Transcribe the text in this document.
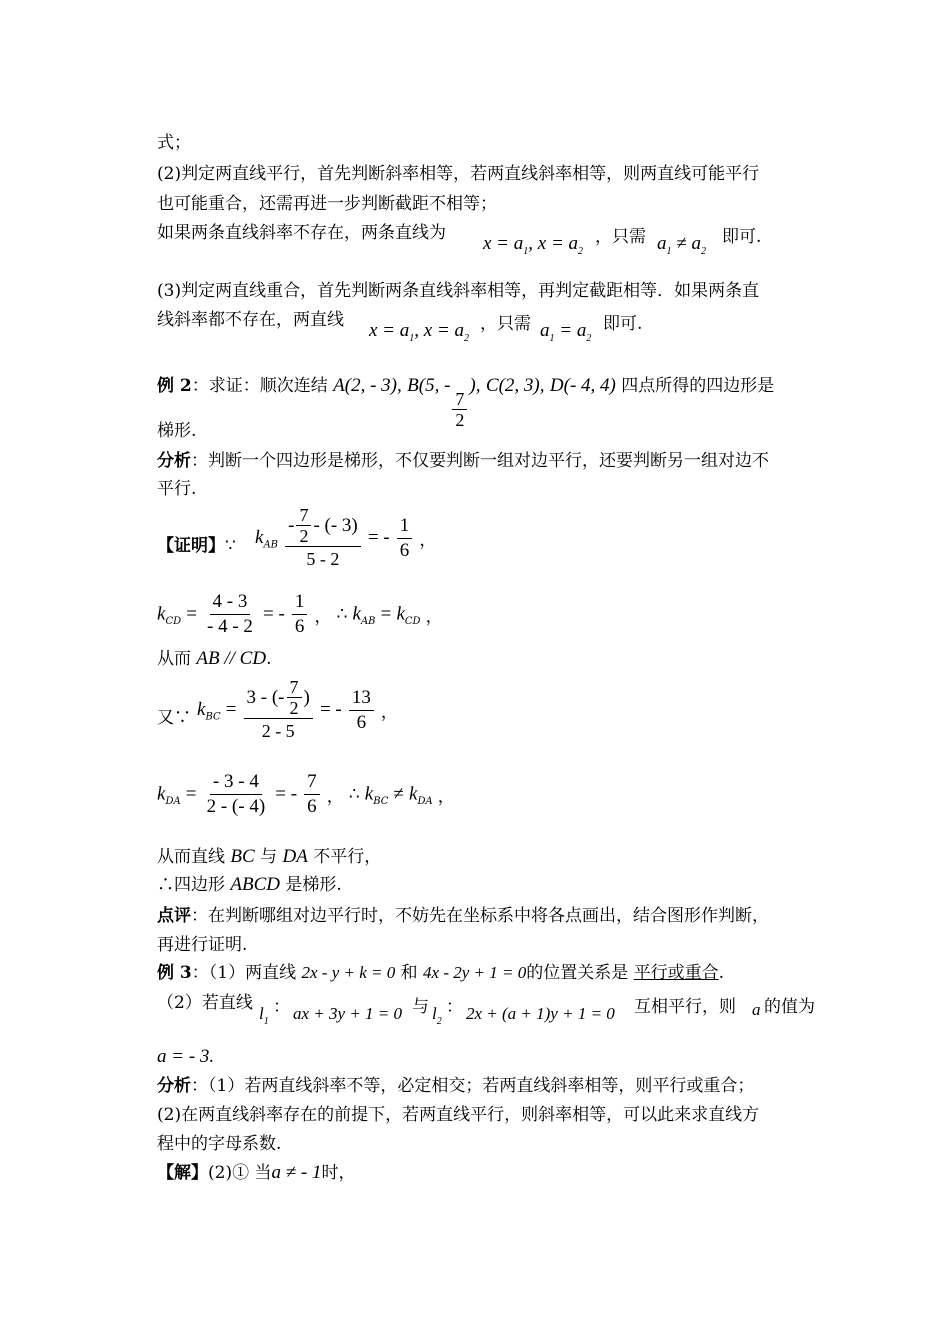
式；
(2)判定两直线平行，首先判断斜率相等，若两直线斜率相等，则两直线可能平行
也可能重合，还需再进一步判断截距不相等；
如果两条直线斜率不存在，两条直线为 $x = a_1$, $x = a_2$
，只需 $a_1 \ne a_2$
即可.
(3)判定两直线重合，首先判断两条直线斜率相等，再判定截距相等．如果两条直
线斜率都不存在，两直线 $x = a_1$, $x = a_2$
，只需 $a_1 = a_2$
即可.
例 2：求证：顺次连结 A(2, - 3), B(5, -
$\frac{7}{2}$
), C(2, 3), D(- 4, 4) 四点所得的四边形是
梯形.
分析：判断一个四边形是梯形，不仅要判断一组对边平行，还要判断另一组对边不
平行.
【证明】∵ $k_{AB} \frac{- \frac{7}{2} - (- 3)}{5 - 2}$ = - $\frac{1}{6}$ ，
$k_{CD} = \frac{4 - 3}{- 4 - 2}$ = - $\frac{1}{6}$ ， ∴ $k_{AB} = k_{CD}$ ，
从而 AB // CD.
又∵ $k_{BC} = \frac{3 - (- \frac{7}{2} )}{2 - 5}$ = - $\frac{13}{6}$ ，
$k_{DA} = \frac{- 3 - 4}{2 - (- 4)}$ = - $\frac{7}{6}$ ， ∴ $k_{BC} \ne k_{DA}$ ，
从而直线 BC 与 DA 不平行，
∴四边形 ABCD 是梯形.
点评：在判断哪组对边平行时，不妨先在坐标系中将各点画出，结合图形作判断，
再进行证明.
例 3：（1）两直线 2x - y + k = 0 和 4x - 2y + 1 = 0的位置关系是 平行或重合.
（2）若直线
$l_1$
： ax + 3y + 1 = 0 与 $l_2$
： 2x + (a + 1)y + 1 = 0 互相平行，则 a 的值为
a = - 3.
分析：（1）若两直线斜率不等，必定相交；若两直线斜率相等，则平行或重合；
(2)在两直线斜率存在的前提下，若两直线平行，则斜率相等，可以此来求直线方
程中的字母系数.
【解】(2)① 当a ≠ - 1时，
